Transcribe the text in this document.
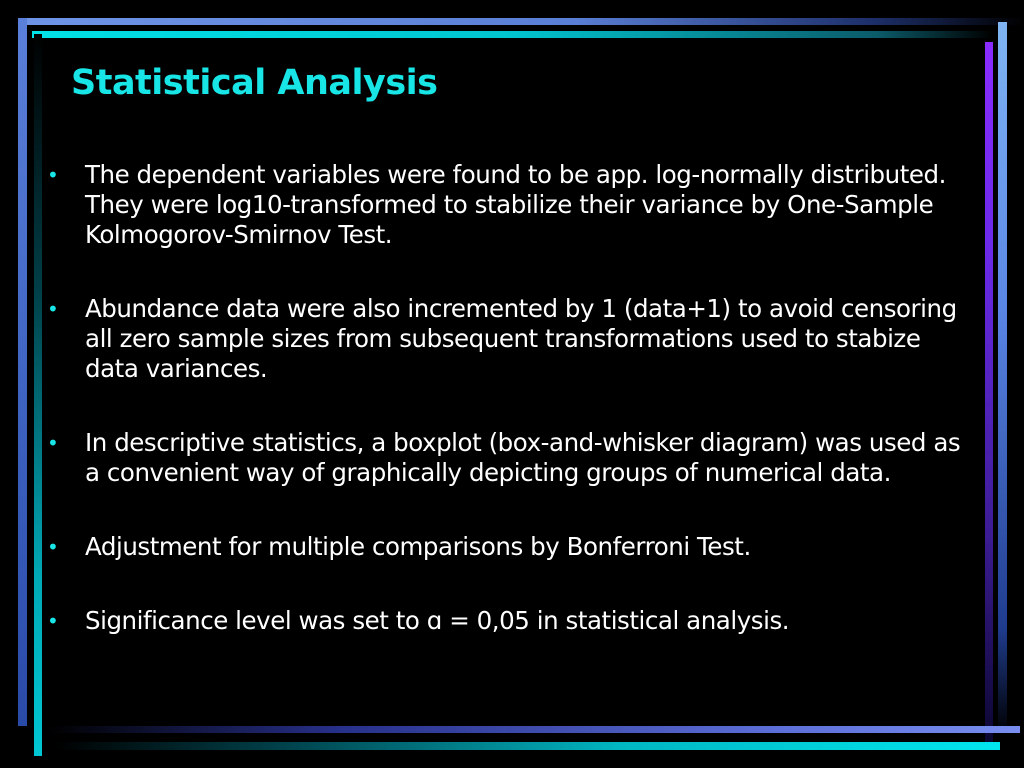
Statistical Analysis
• The dependent variables were found to be app. log-normally distributed. They were log10-transformed to stabilize their variance by One-Sample Kolmogorov-Smirnov Test.
• Abundance data were also incremented by 1 (data+1) to avoid censoring all zero sample sizes from subsequent transformations used to stabize data variances.
• In descriptive statistics, a boxplot (box-and-whisker diagram) was used as a convenient way of graphically depicting groups of numerical data.
• Adjustment for multiple comparisons by Bonferroni Test.
• Significance level was set to ɑ = 0,05 in statistical analysis.
